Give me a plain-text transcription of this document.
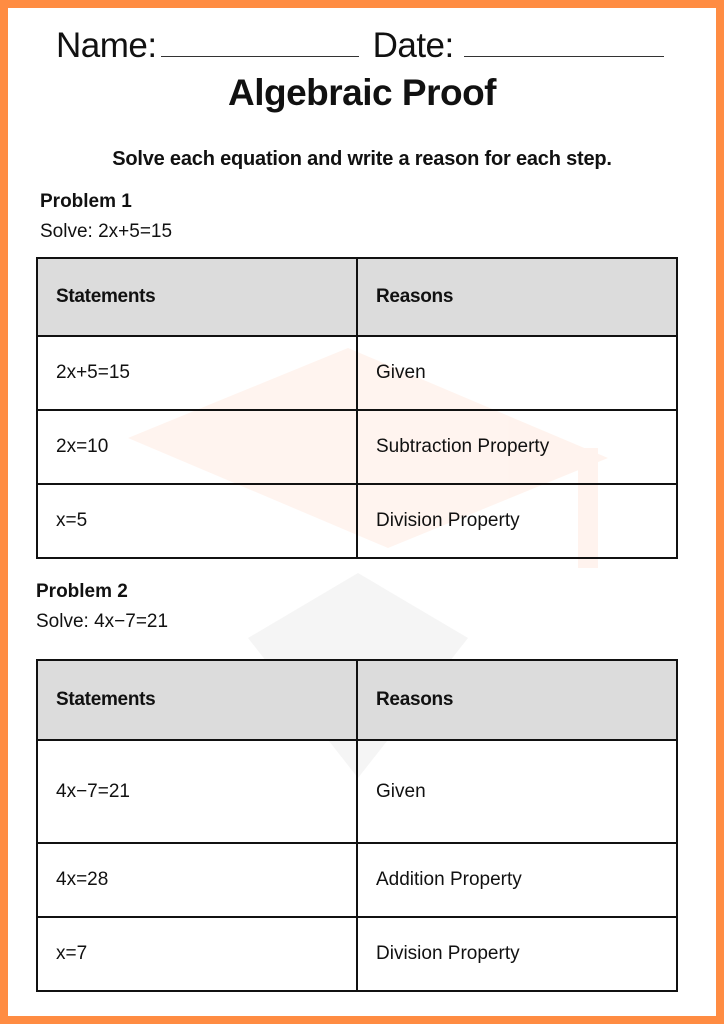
Name:	Date:
Algebraic Proof
Solve each equation and write a reason for each step.
Problem 1
Solve: 2x+5=15
Statements	Reasons
2x+5=15	Given
2x=10	Subtraction Property
x=5	Division Property
Problem 2
Solve: 4x−7=21
Statements	Reasons
4x−7=21	Given
4x=28	Addition Property
x=7	Division Property
